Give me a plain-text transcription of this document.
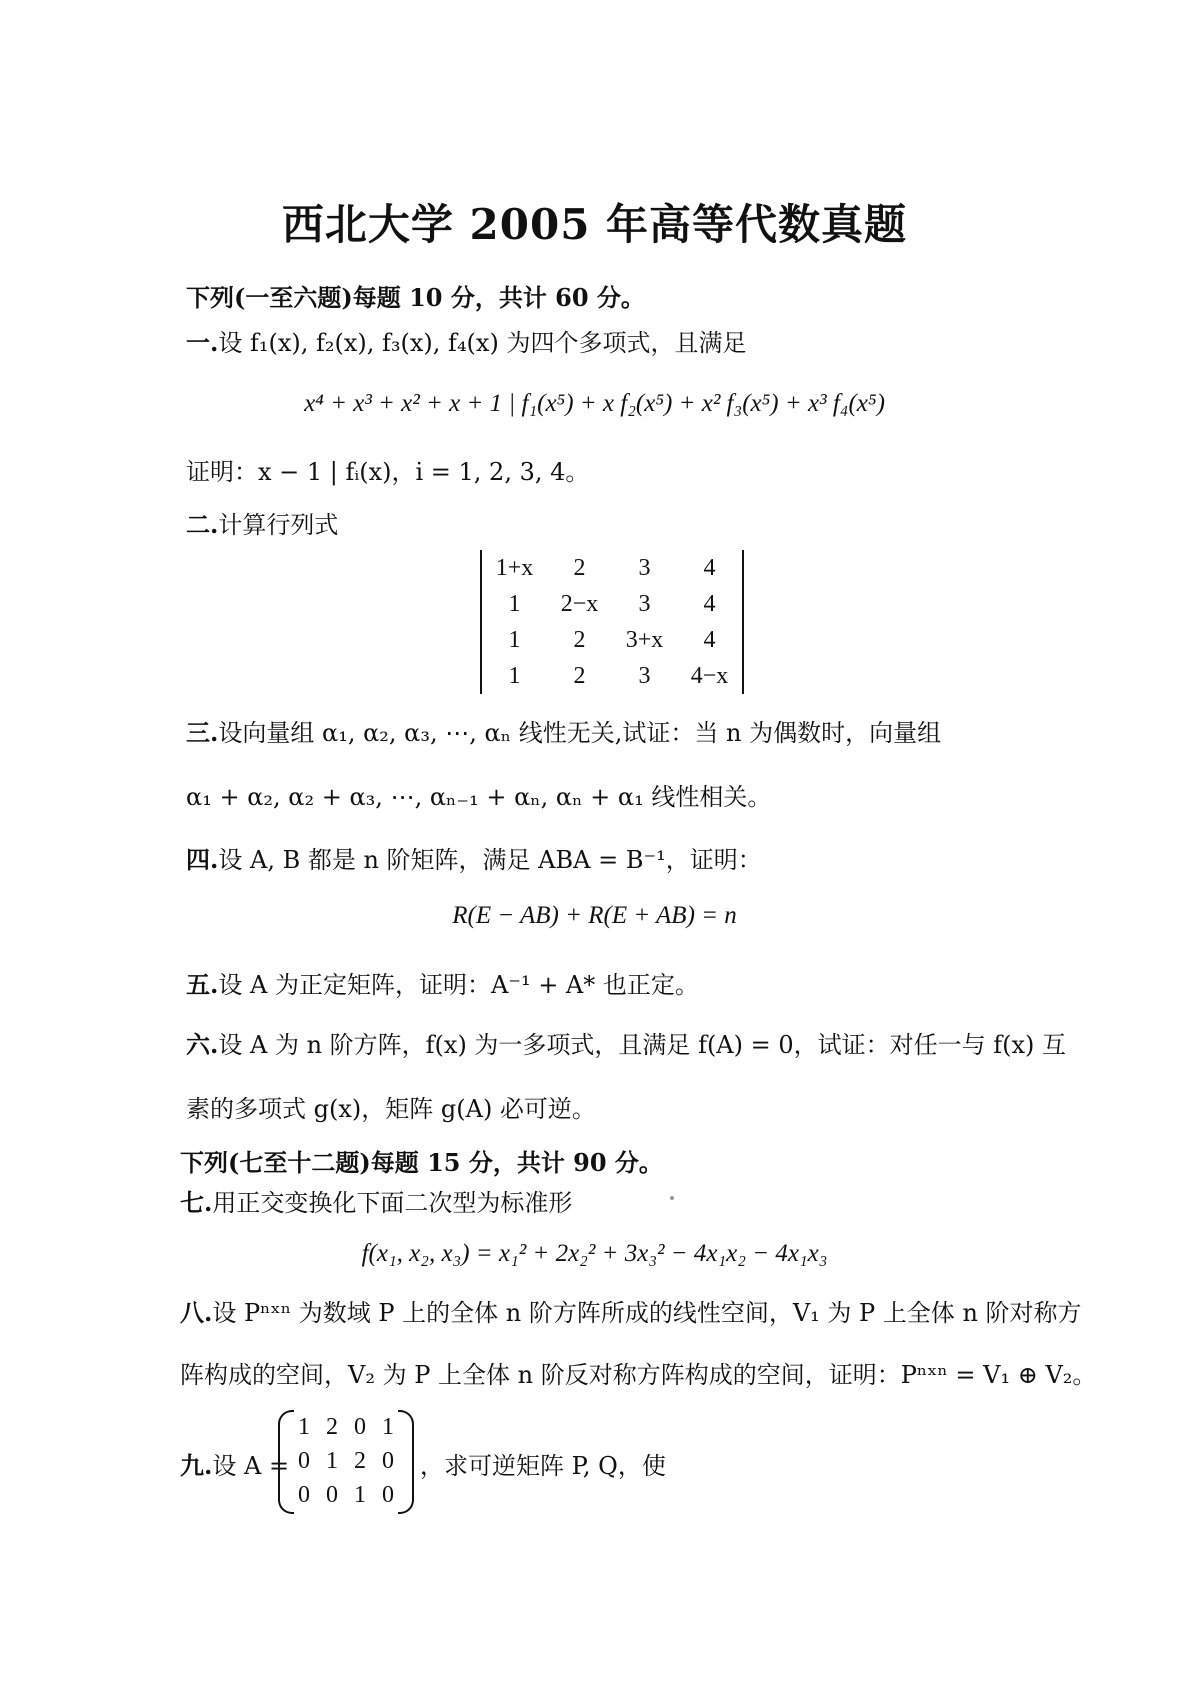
西北大学 2005 年高等代数真题
下列(一至六题)每题 10 分，共计 60 分。
一.设 f₁(x), f₂(x), f₃(x), f₄(x) 为四个多项式，且满足
x⁴ + x³ + x² + x + 1 | f₁(x⁵) + x f₂(x⁵) + x² f₃(x⁵) + x³ f₄(x⁵)
证明：x − 1 | fᵢ(x)，i = 1, 2, 3, 4。
二.计算行列式
1+x	2	3	4
1	2−x	3	4
1	2	3+x	4
1	2	3	4−x
三.设向量组 α₁, α₂, α₃, ⋯, αₙ 线性无关,试证：当 n 为偶数时，向量组
α₁ + α₂, α₂ + α₃, ⋯, αₙ₋₁ + αₙ, αₙ + α₁ 线性相关。
四.设 A, B 都是 n 阶矩阵，满足 ABA = B⁻¹，证明：
R(E − AB) + R(E + AB) = n
五.设 A 为正定矩阵，证明：A⁻¹ + A* 也正定。
六.设 A 为 n 阶方阵，f(x) 为一多项式，且满足 f(A) = 0，试证：对任一与 f(x) 互
素的多项式 g(x)，矩阵 g(A) 必可逆。
下列(七至十二题)每题 15 分，共计 90 分。
七.用正交变换化下面二次型为标准形
f(x₁, x₂, x₃) = x₁² + 2x₂² + 3x₃² − 4x₁x₂ − 4x₁x₃
八.设 Pⁿˣⁿ 为数域 P 上的全体 n 阶方阵所成的线性空间，V₁ 为 P 上全体 n 阶对称方
阵构成的空间，V₂ 为 P 上全体 n 阶反对称方阵构成的空间，证明：Pⁿˣⁿ = V₁ ⊕ V₂。
九.设 A =
1	2	0	1
0	1	2	0
0	0	1	0
，求可逆矩阵 P, Q，使
